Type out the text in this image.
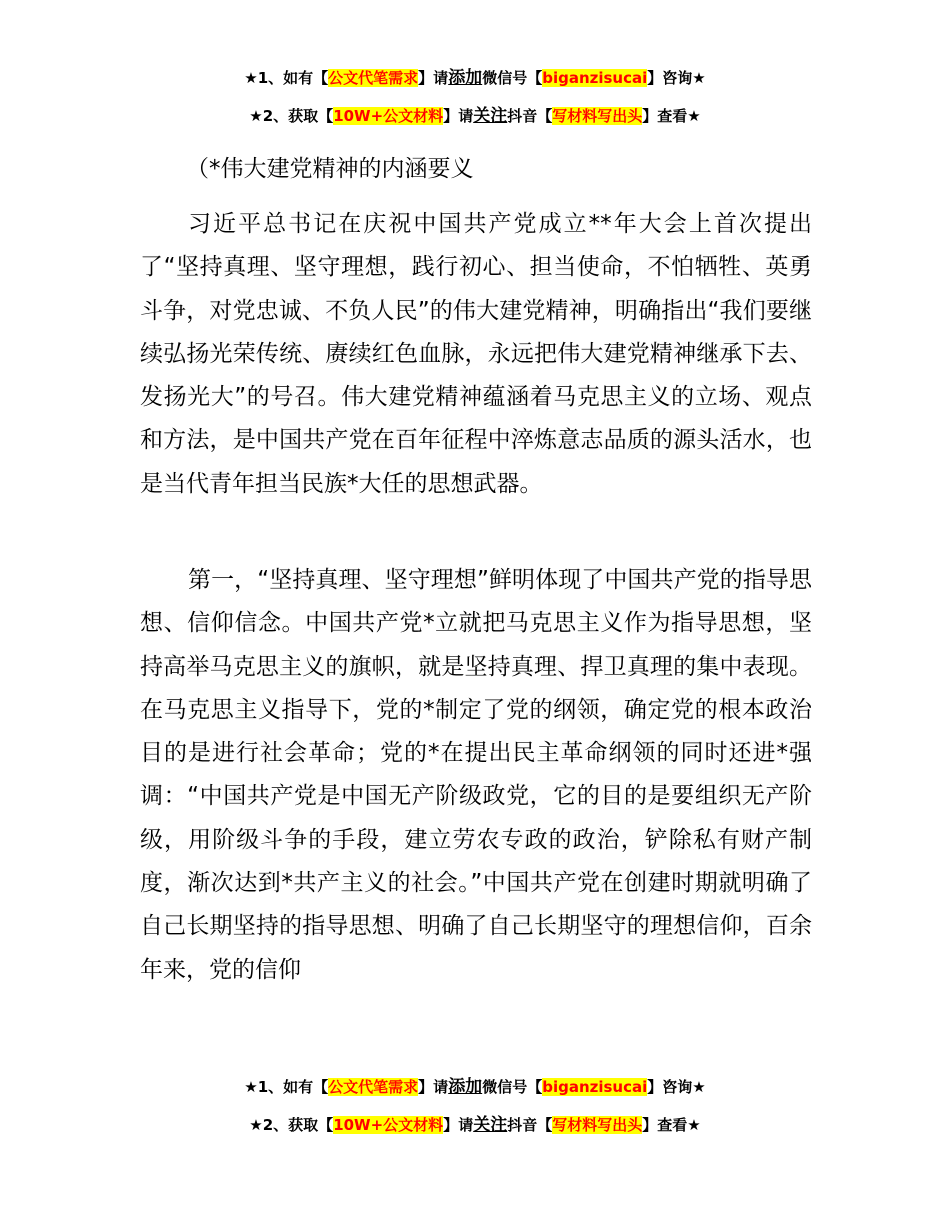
★1、如有【公文代笔需求】请添加微信号【biganzisucai】咨询★
★2、获取【10W+公文材料】请关注抖音【写材料写出头】查看★
（*伟大建党精神的内涵要义

习近平总书记在庆祝中国共产党成立**年大会上首次提出了“坚持真理、坚守理想，践行初心、担当使命，不怕牺牲、英勇斗争，对党忠诚、不负人民”的伟大建党精神，明确指出“我们要继续弘扬光荣传统、赓续红色血脉，永远把伟大建党精神继承下去、发扬光大”的号召。伟大建党精神蕴涵着马克思主义的立场、观点和方法，是中国共产党在百年征程中淬炼意志品质的源头活水，也是当代青年担当民族*大任的思想武器。

第一，“坚持真理、坚守理想”鲜明体现了中国共产党的指导思想、信仰信念。中国共产党*立就把马克思主义作为指导思想，坚持高举马克思主义的旗帜，就是坚持真理、捍卫真理的集中表现。在马克思主义指导下，党的*制定了党的纲领，确定党的根本政治目的是进行社会革命；党的*在提出民主革命纲领的同时还进*强调：“中国共产党是中国无产阶级政党，它的目的是要组织无产阶级，用阶级斗争的手段，建立劳农专政的政治，铲除私有财产制度，渐次达到*共产主义的社会。”中国共产党在创建时期就明确了自己长期坚持的指导思想、明确了自己长期坚守的理想信仰，百余年来，党的信仰

★1、如有【公文代笔需求】请添加微信号【biganzisucai】咨询★
★2、获取【10W+公文材料】请关注抖音【写材料写出头】查看★
